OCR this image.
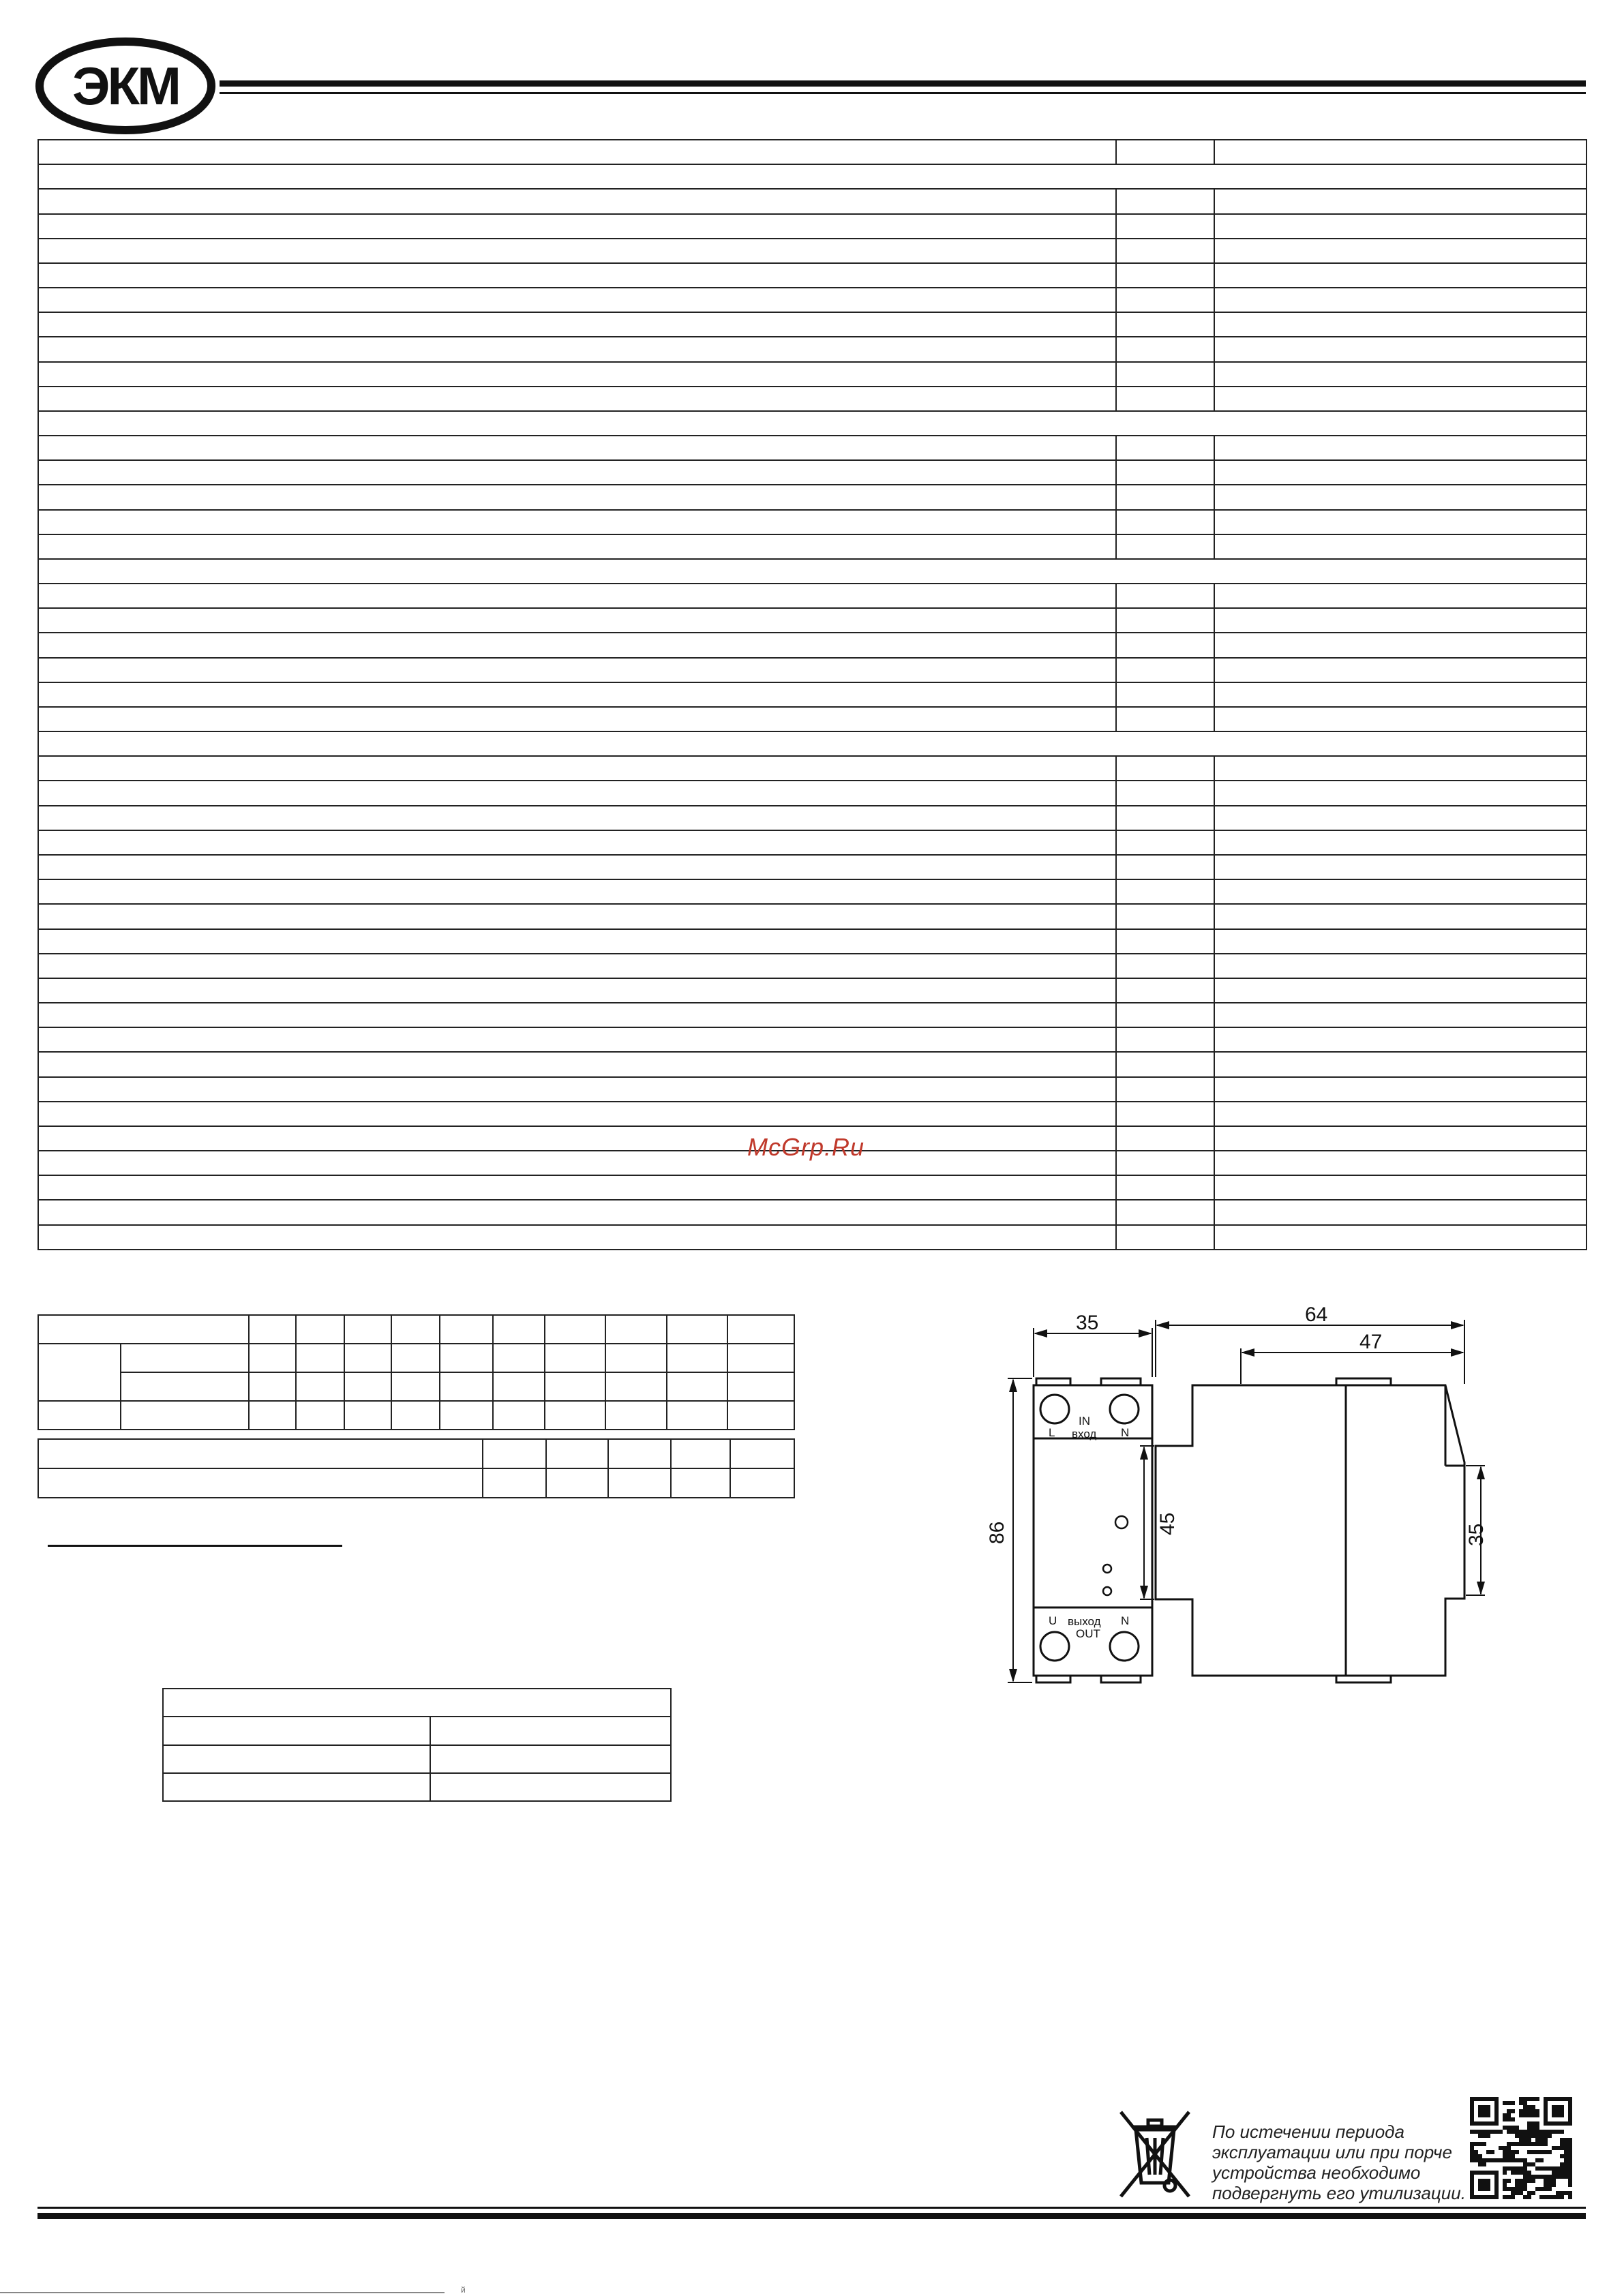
ЭКМ

McGrp.Ru

35
86
IN
вход
L	N
U выход
OUT
N
64
47
45	35
По истечении периода
эксплуатации или при порче
устройства необходимо
подвергнуть его утилизации.
й
